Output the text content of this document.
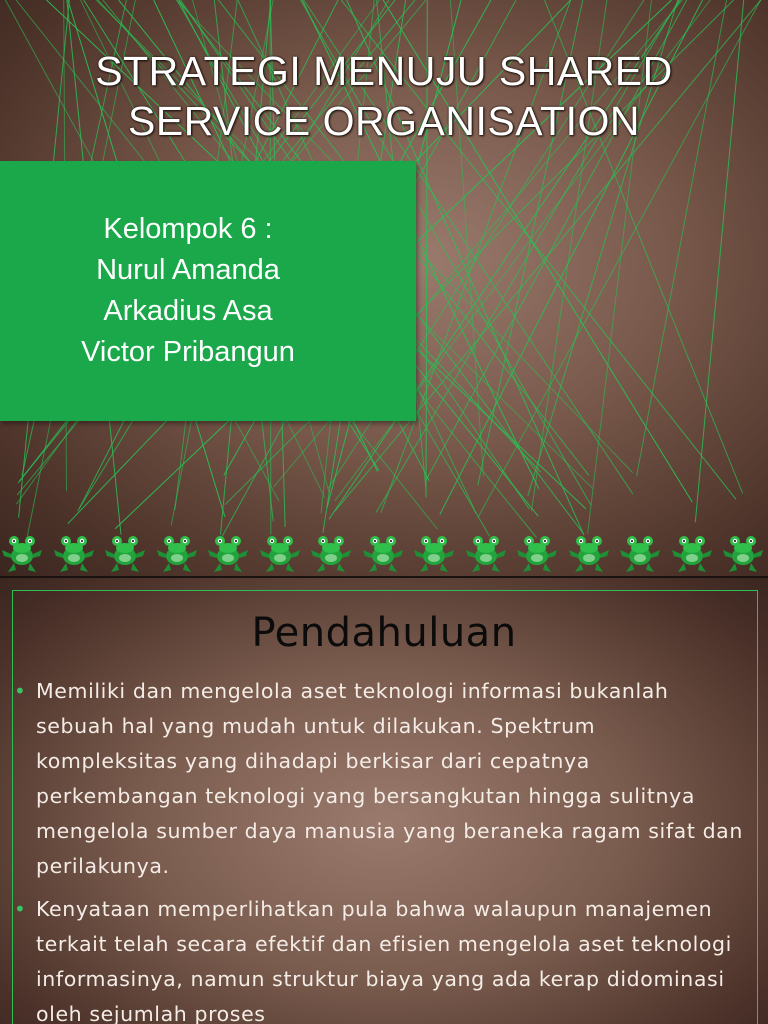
STRATEGI MENUJU SHARED
SERVICE ORGANISATION
Kelompok 6 :
Nurul Amanda
Arkadius Asa
Victor Pribangun
Pendahuluan
• Memiliki dan mengelola aset teknologi informasi bukanlah sebuah hal yang mudah untuk dilakukan. Spektrum kompleksitas yang dihadapi berkisar dari cepatnya perkembangan teknologi yang bersangkutan hingga sulitnya mengelola sumber daya manusia yang beraneka ragam sifat dan perilakunya.
• Kenyataan memperlihatkan pula bahwa walaupun manajemen terkait telah secara efektif dan efisien mengelola aset teknologi informasinya, namun struktur biaya yang ada kerap didominasi oleh sejumlah proses
